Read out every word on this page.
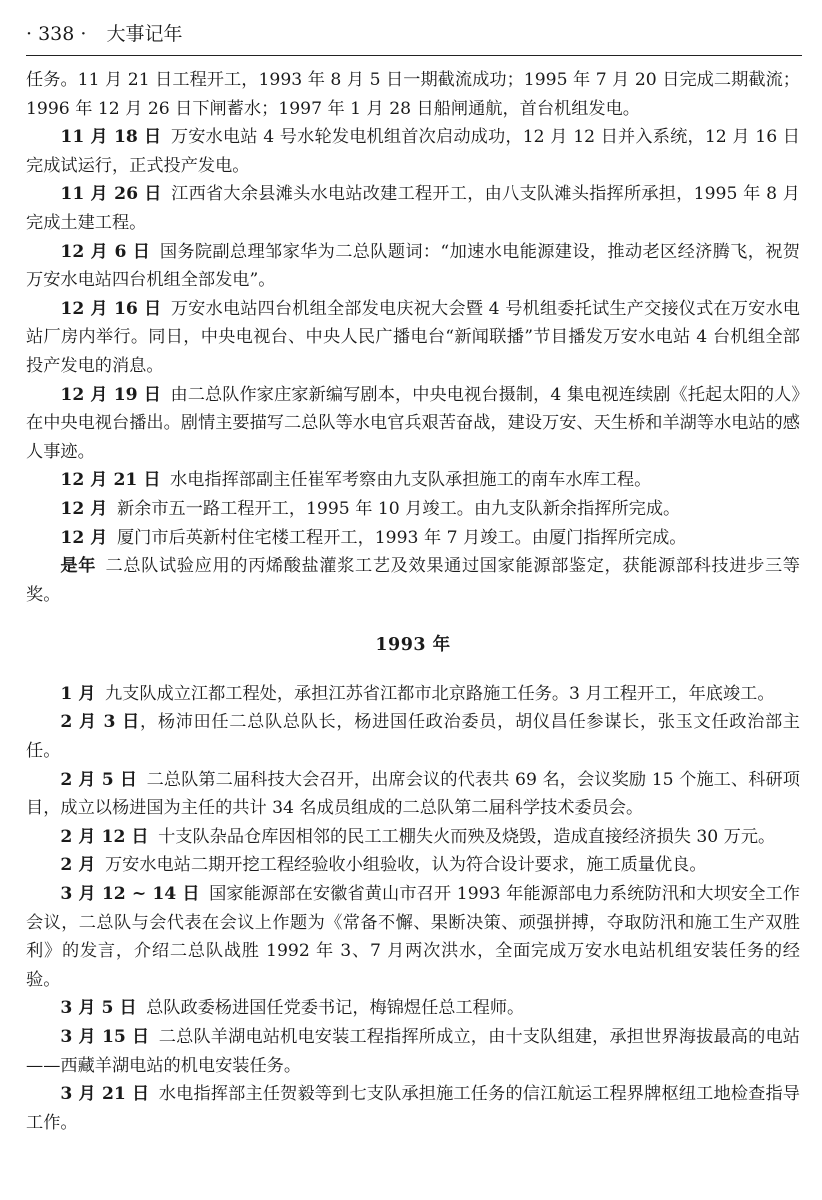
· 338 · 大事记年

任务。11 月 21 日工程开工，1993 年 8 月 5 日一期截流成功；1995 年 7 月 20 日完成二期截流；1996 年 12 月 26 日下闸蓄水；1997 年 1 月 28 日船闸通航，首台机组发电。

11 月 18 日 万安水电站 4 号水轮发电机组首次启动成功，12 月 12 日并入系统，12 月 16 日完成试运行，正式投产发电。

11 月 26 日 江西省大余县滩头水电站改建工程开工，由八支队滩头指挥所承担，1995 年 8 月完成土建工程。

12 月 6 日 国务院副总理邹家华为二总队题词：“加速水电能源建设，推动老区经济腾飞，祝贺万安水电站四台机组全部发电”。

12 月 16 日 万安水电站四台机组全部发电庆祝大会暨 4 号机组委托试生产交接仪式在万安水电站厂房内举行。同日，中央电视台、中央人民广播电台“新闻联播”节目播发万安水电站 4 台机组全部投产发电的消息。

12 月 19 日 由二总队作家庄家新编写剧本，中央电视台摄制，4 集电视连续剧《托起太阳的人》在中央电视台播出。剧情主要描写二总队等水电官兵艰苦奋战，建设万安、天生桥和羊湖等水电站的感人事迹。

12 月 21 日 水电指挥部副主任崔军考察由九支队承担施工的南车水库工程。

12 月 新余市五一路工程开工，1995 年 10 月竣工。由九支队新余指挥所完成。

12 月 厦门市后英新村住宅楼工程开工，1993 年 7 月竣工。由厦门指挥所完成。

是年 二总队试验应用的丙烯酸盐灌浆工艺及效果通过国家能源部鉴定，获能源部科技进步三等奖。

1993 年

1 月 九支队成立江都工程处，承担江苏省江都市北京路施工任务。3 月工程开工，年底竣工。

2 月 3 日，杨沛田任二总队总队长，杨进国任政治委员，胡仪昌任参谋长，张玉文任政治部主任。

2 月 5 日 二总队第二届科技大会召开，出席会议的代表共 69 名，会议奖励 15 个施工、科研项目，成立以杨进国为主任的共计 34 名成员组成的二总队第二届科学技术委员会。

2 月 12 日 十支队杂品仓库因相邻的民工工棚失火而殃及烧毁，造成直接经济损失 30 万元。

2 月 万安水电站二期开挖工程经验收小组验收，认为符合设计要求，施工质量优良。

3 月 12 ~ 14 日 国家能源部在安徽省黄山市召开 1993 年能源部电力系统防汛和大坝安全工作会议，二总队与会代表在会议上作题为《常备不懈、果断决策、顽强拼搏，夺取防汛和施工生产双胜利》的发言，介绍二总队战胜 1992 年 3、7 月两次洪水，全面完成万安水电站机组安装任务的经验。

3 月 5 日 总队政委杨进国任党委书记，梅锦煜任总工程师。

3 月 15 日 二总队羊湖电站机电安装工程指挥所成立，由十支队组建，承担世界海拔最高的电站——西藏羊湖电站的机电安装任务。

3 月 21 日 水电指挥部主任贺毅等到七支队承担施工任务的信江航运工程界牌枢纽工地检查指导工作。
